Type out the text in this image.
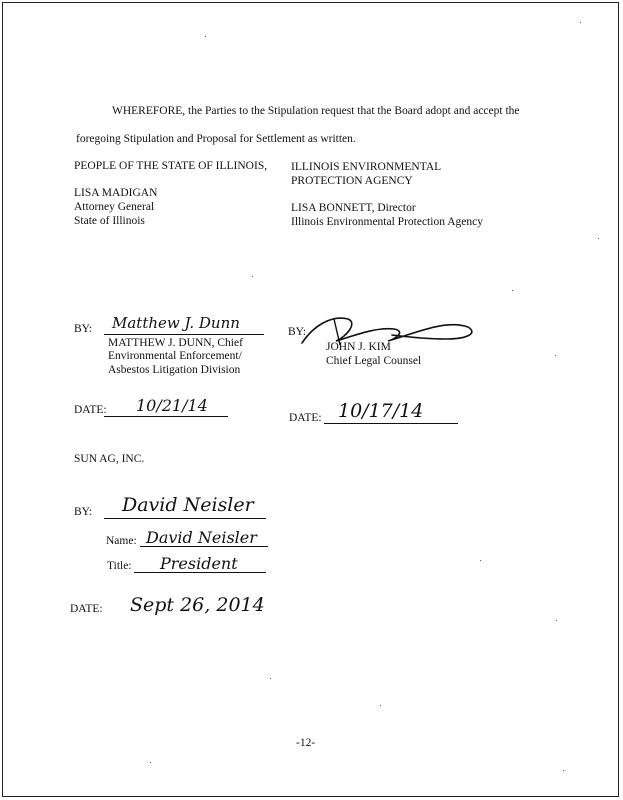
WHEREFORE, the Parties to the Stipulation request that the Board adopt and accept the
foregoing Stipulation and Proposal for Settlement as written.
PEOPLE OF THE STATE OF ILLINOIS,
LISA MADIGAN
Attorney General
State of Illinois
ILLINOIS ENVIRONMENTAL
PROTECTION AGENCY
LISA BONNETT, Director
Illinois Environmental Protection Agency
BY: Matthew J. Dunn
MATTHEW J. DUNN, Chief
Environmental Enforcement/
Asbestos Litigation Division
BY:
JOHN J. KIM
Chief Legal Counsel
DATE: 10/21/14
DATE: 10/17/14
SUN AG, INC.
BY: David Neisler
Name: David Neisler
Title: President
DATE: Sept 26, 2014
-12-
